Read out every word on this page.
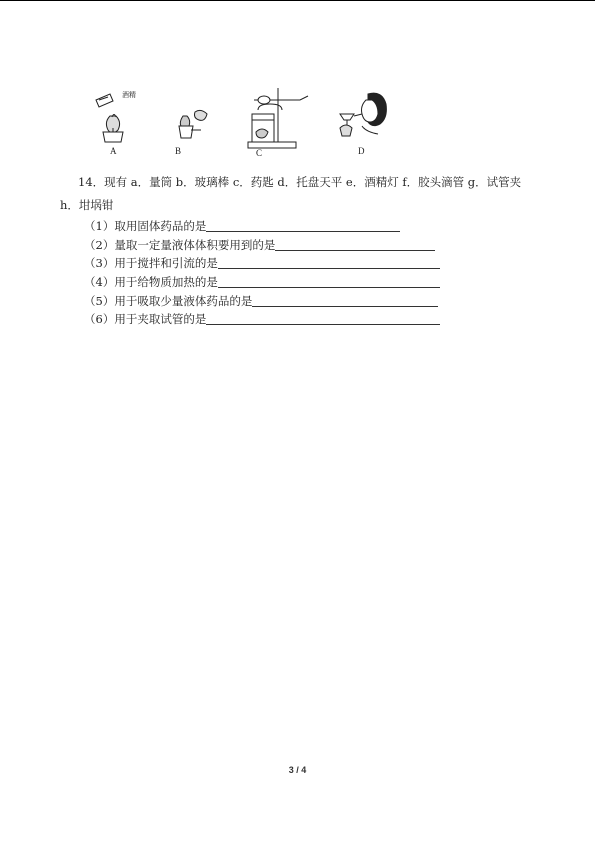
酒精
A	B	C	D
14．现有 a．量筒 b．玻璃棒 c．药匙 d．托盘天平 e．酒精灯 f．胶头滴管 g．试管夹
h．坩埚钳
（1）取用固体药品的是
（2）量取一定量液体体积要用到的是
（3）用于搅拌和引流的是
（4）用于给物质加热的是
（5）用于吸取少量液体药品的是
（6）用于夹取试管的是
3 / 4
